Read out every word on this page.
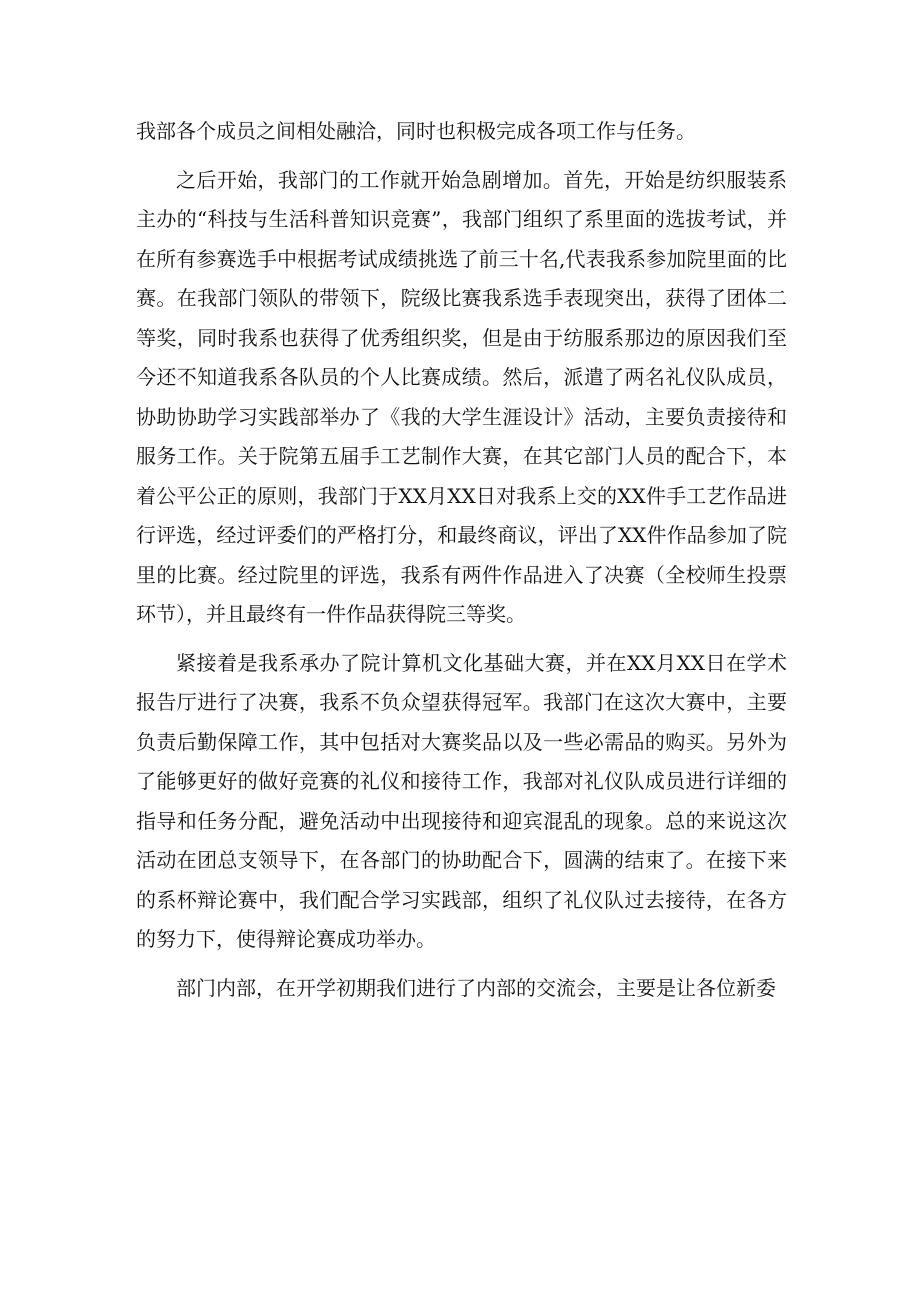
我部各个成员之间相处融洽，同时也积极完成各项工作与任务。

之后开始，我部门的工作就开始急剧增加。首先，开始是纺织服装系主办的“科技与生活科普知识竞赛”，我部门组织了系里面的选拔考试，并在所有参赛选手中根据考试成绩挑选了前三十名,代表我系参加院里面的比赛。在我部门领队的带领下，院级比赛我系选手表现突出，获得了团体二等奖，同时我系也获得了优秀组织奖，但是由于纺服系那边的原因我们至今还不知道我系各队员的个人比赛成绩。然后，派遣了两名礼仪队成员，协助协助学习实践部举办了《我的大学生涯设计》活动，主要负责接待和服务工作。关于院第五届手工艺制作大赛，在其它部门人员的配合下，本着公平公正的原则，我部门于XX月XX日对我系上交的XX件手工艺作品进行评选，经过评委们的严格打分，和最终商议，评出了XX件作品参加了院里的比赛。经过院里的评选，我系有两件作品进入了决赛（全校师生投票环节），并且最终有一件作品获得院三等奖。

紧接着是我系承办了院计算机文化基础大赛，并在XX月XX日在学术报告厅进行了决赛，我系不负众望获得冠军。我部门在这次大赛中，主要负责后勤保障工作，其中包括对大赛奖品以及一些必需品的购买。另外为了能够更好的做好竞赛的礼仪和接待工作，我部对礼仪队成员进行详细的指导和任务分配，避免活动中出现接待和迎宾混乱的现象。总的来说这次活动在团总支领导下，在各部门的协助配合下，圆满的结束了。在接下来的系杯辩论赛中，我们配合学习实践部，组织了礼仪队过去接待，在各方的努力下，使得辩论赛成功举办。

部门内部，在开学初期我们进行了内部的交流会，主要是让各位新委
